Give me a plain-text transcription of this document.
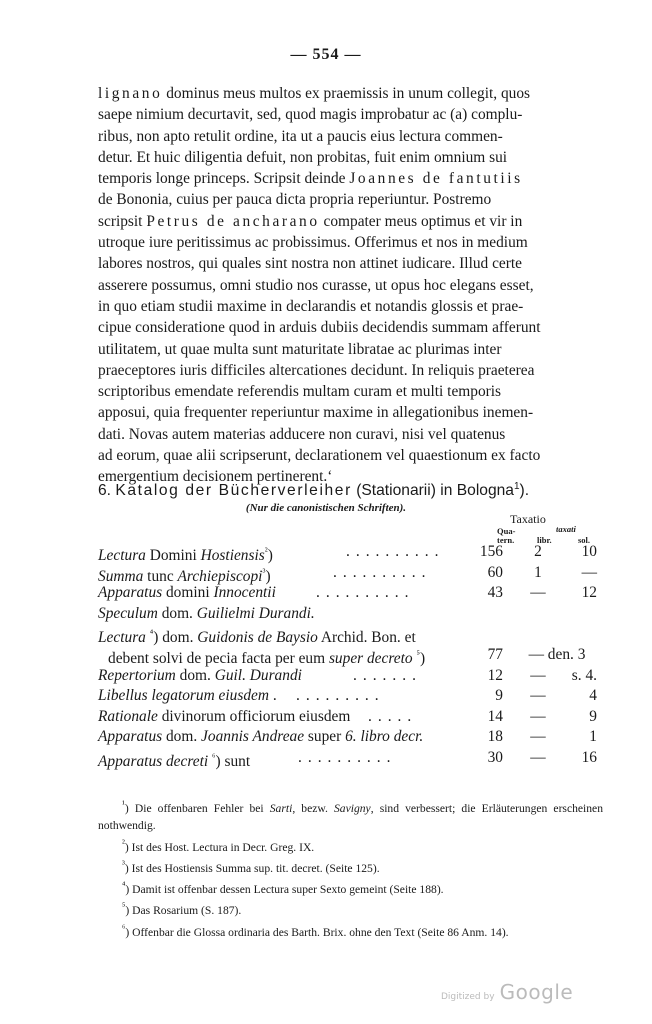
— 554 —

lignano dominus meus multos ex praemissis in unum collegit, quos

saepe nimium decurtavit, sed, quod magis improbatur ac (a) complu-

ribus, non apto retulit ordine, ita ut a paucis eius lectura commen-

detur. Et huic diligentia defuit, non probitas, fuit enim omnium sui

temporis longe princeps. Scripsit deinde Joannes de fantutiis

de Bononia, cuius per pauca dicta propria reperiuntur. Postremo

scripsit Petrus de ancharano compater meus optimus et vir in

utroque iure peritissimus ac probissimus. Offerimus et nos in medium

labores nostros, qui quales sint nostra non attinet iudicare. Illud certe

asserere possumus, omni studio nos curasse, ut opus hoc elegans esset,

in quo etiam studii maxime in declarandis et notandis glossis et prae-

cipue consideratione quod in arduis dubiis decidendis summam afferunt

utilitatem, ut quae multa sunt maturitate libratae ac plurimas inter

praeceptores iuris difficiles altercationes decidunt. In reliquis praeterea

scriptoribus emendate referendis multam curam et multi temporis

apposui, quia frequenter reperiuntur maxime in allegationibus inemen-

dati. Novas autem materias adducere non curavi, nisi vel quatenus

ad eorum, quae alii scripserunt, declarationem vel quaestionum ex facto

emergentium decisionem pertinerent.‘

6. Katalog der Bücherverleiher (Stationarii) in Bologna$^1$).
(Nur die canonistischen Schriften).
Taxatio
Qua-
tern.
taxati
libr.	sol.
Lectura Domini Hostiensis$^{^2}$)	..........	156	2	10
Summa tunc Archiepiscopi$^{^3}$)	..........	60	1	—
Apparatus domini Innocentii	..........	43	—	12
Speculum dom. Guilielmi Durandi.
Lectura $^{^4}$) dom. Guidonis de Baysio Archid. Bon. et
debent solvi de pecia facta per eum super decreto $^{^5}$)	77	— den. 3
Repertorium dom. Guil. Durandi	.......	12	—	s. 4.
Libellus legatorum eiusdem . .........	9	—	4
Rationale divinorum officiorum eiusdem .....	14	—	9
Apparatus dom. Joannis Andreae super 6. libro decr.	18	—	1
Apparatus decreti $^{^6}$) sunt	..........	30	—	16

$^{^1}$) Die offenbaren Fehler bei Sarti, bezw. Savigny, sind verbessert; die Erläuterungen erscheinen nothwendig.

$^{^2}$) Ist des Host. Lectura in Decr. Greg. IX.

$^{^3}$) Ist des Hostiensis Summa sup. tit. decret. (Seite 125).

$^{^4}$) Damit ist offenbar dessen Lectura super Sexto gemeint (Seite 188).

$^{^5}$) Das Rosarium (S. 187).

$^{^6}$) Offenbar die Glossa ordinaria des Barth. Brix. ohne den Text (Seite 86 Anm. 14).

Digitized by Google
